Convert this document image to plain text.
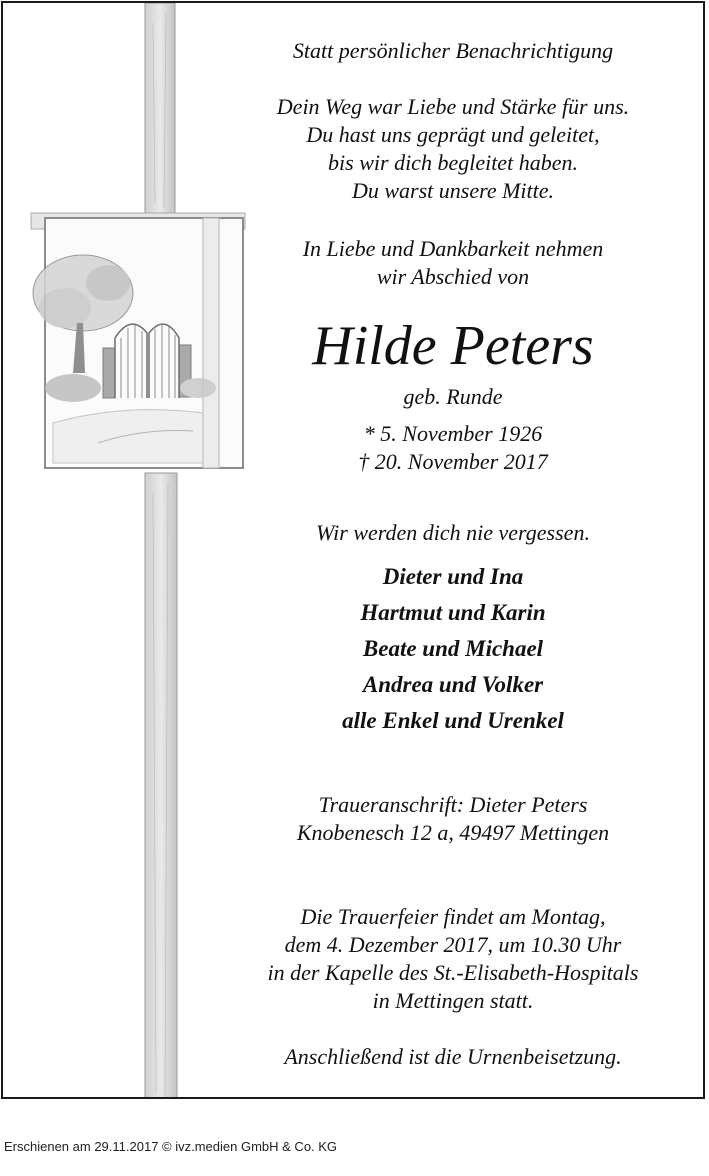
Statt persönlicher Benachrichtigung
Dein Weg war Liebe und Stärke für uns.
Du hast uns geprägt und geleitet,
bis wir dich begleitet haben.
Du warst unsere Mitte.
In Liebe und Dankbarkeit nehmen
wir Abschied von
Hilde Peters
geb. Runde
* 5. November 1926
† 20. November 2017
Wir werden dich nie vergessen.
Dieter und Ina
Hartmut und Karin
Beate und Michael
Andrea und Volker
alle Enkel und Urenkel
Traueranschrift: Dieter Peters
Knobenesch 12 a, 49497 Mettingen
Die Trauerfeier findet am Montag,
dem 4. Dezember 2017, um 10.30 Uhr
in der Kapelle des St.-Elisabeth-Hospitals
in Mettingen statt.
Anschließend ist die Urnenbeisetzung.
Erschienen am 29.11.2017 © ivz.medien GmbH & Co. KG
